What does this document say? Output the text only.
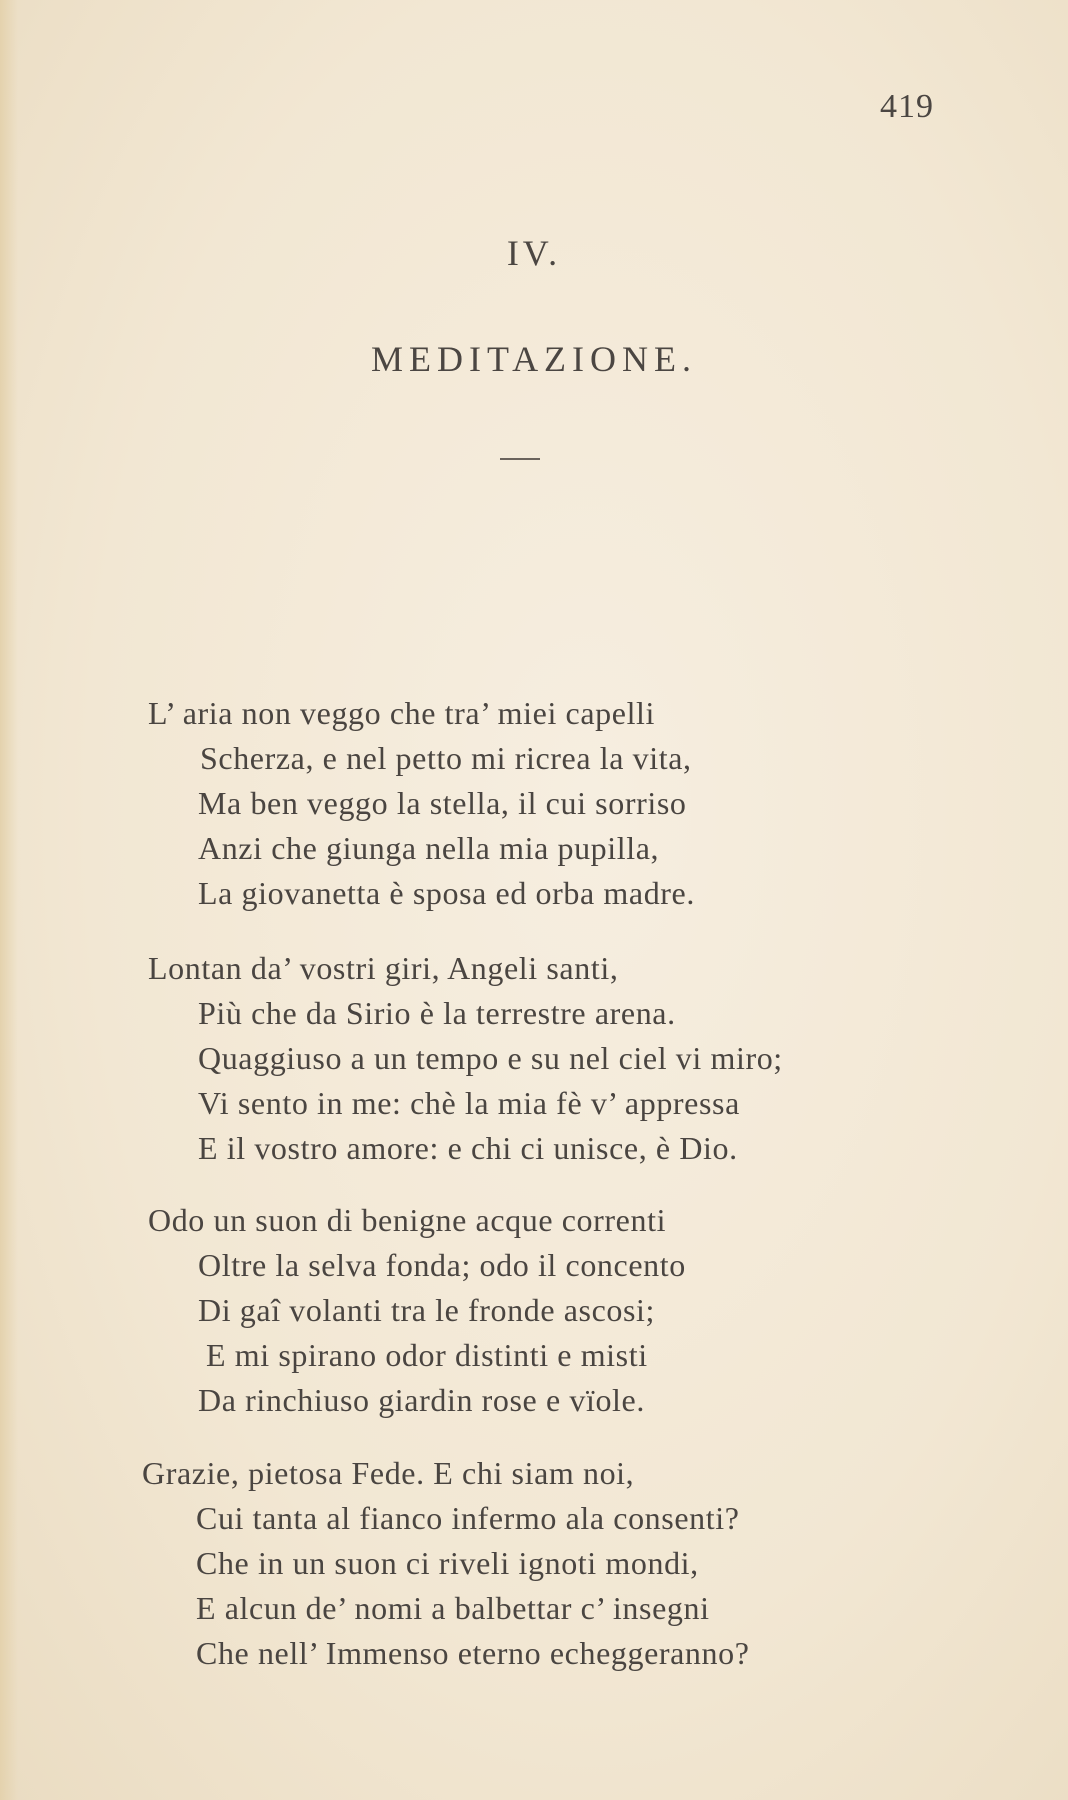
419
IV.
MEDITAZIONE.
L’ aria non veggo che tra’ miei capelli
Scherza, e nel petto mi ricrea la vita,
Ma ben veggo la stella, il cui sorriso
Anzi che giunga nella mia pupilla,
La giovanetta è sposa ed orba madre.
Lontan da’ vostri giri, Angeli santi,
Più che da Sirio è la terrestre arena.
Quaggiuso a un tempo e su nel ciel vi miro;
Vi sento in me: chè la mia fè v’ appressa
E il vostro amore: e chi ci unisce, è Dio.
Odo un suon di benigne acque correnti
Oltre la selva fonda; odo il concento
Di gaî volanti tra le fronde ascosi;
E mi spirano odor distinti e misti
Da rinchiuso giardin rose e vïole.
Grazie, pietosa Fede. E chi siam noi,
Cui tanta al fianco infermo ala consenti?
Che in un suon ci riveli ignoti mondi,
E alcun de’ nomi a balbettar c’ insegni
Che nell’ Immenso eterno echeggeranno?
